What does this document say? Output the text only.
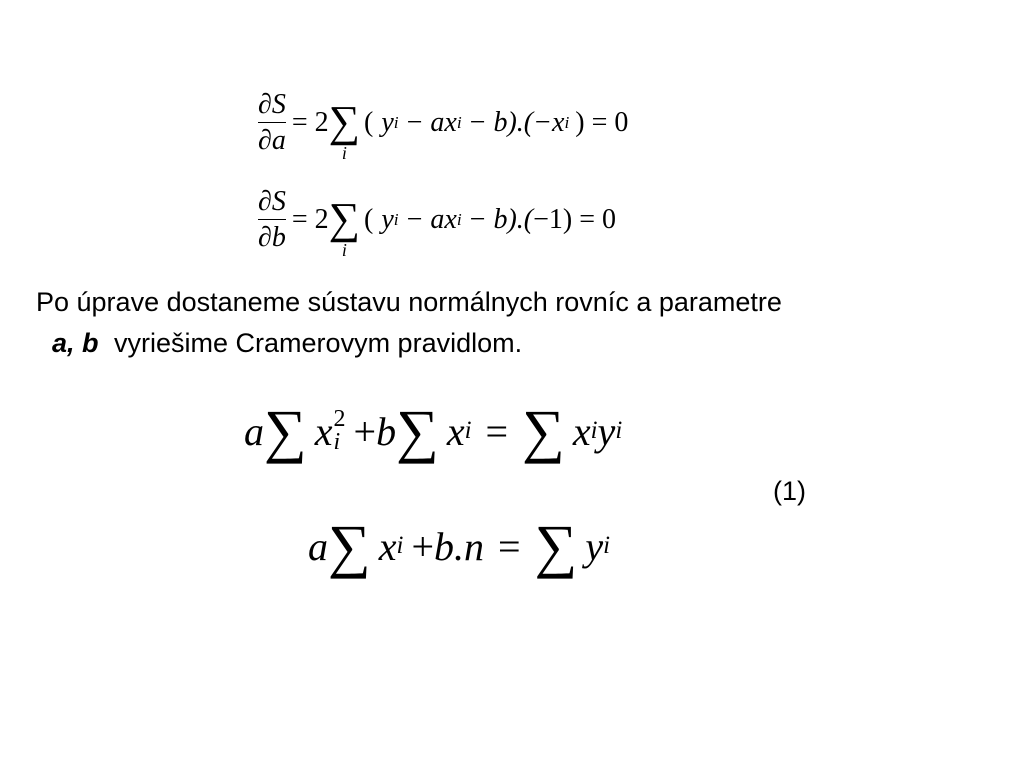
$\frac{\partial S}{\partial a} = 2$ ∑
i
( y i − ax i − b).( −x i ) = 0
$\frac{\partial S}{\partial b} = 2$ ∑
i
( y i − ax i − b).( −1) = 0
Po úprave dostaneme sústavu normálnych rovníc a parametre
a, b vyriešime Cramerovym pravidlom.
a ∑ x 2
i + b ∑ x i = ∑ x i y i
(1)
a ∑ x i + b.n = ∑ y i
